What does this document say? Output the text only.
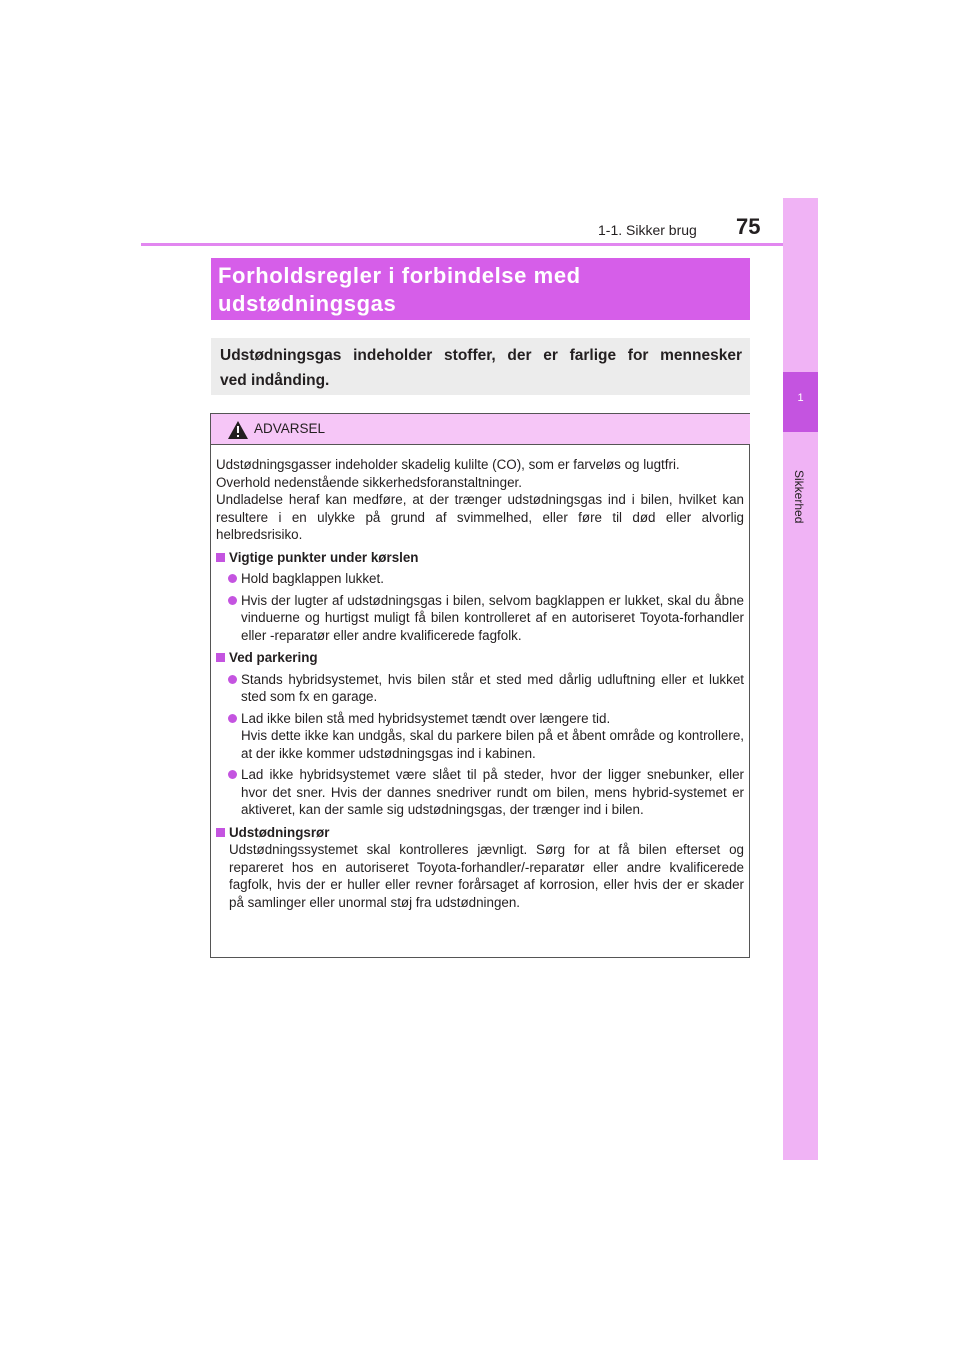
1-1. Sikker brug 75
1
Sikkerhed
Forholdsregler i forbindelse med
udstødningsgas
Udstødningsgas indeholder stoffer, der er farlige for mennesker
ved indånding.
ADVARSEL

Udstødningsgasser indeholder skadelig kulilte (CO), som er farveløs og lugtfri.

Overhold nedenstående sikkerhedsforanstaltninger.

Undladelse heraf kan medføre, at der trænger udstødningsgas ind i bilen, hvilket kan resultere i en ulykke på grund af svimmelhed, eller føre til død eller alvorlig helbredsrisiko.

Vigtige punkter under kørslen

Hold bagklappen lukket.

Hvis der lugter af udstødningsgas i bilen, selvom bagklappen er lukket, skal du åbne vinduerne og hurtigst muligt få bilen kontrolleret af en autoriseret Toyota-forhandler eller -reparatør eller andre kvalificerede fagfolk.

Ved parkering

Stands hybridsystemet, hvis bilen står et sted med dårlig udluftning eller et lukket sted som fx en garage.

Lad ikke bilen stå med hybridsystemet tændt over længere tid.
Hvis dette ikke kan undgås, skal du parkere bilen på et åbent område og kontrollere, at der ikke kommer udstødningsgas ind i kabinen.

Lad ikke hybridsystemet være slået til på steder, hvor der ligger snebunker, eller hvor det sner. Hvis der dannes snedriver rundt om bilen, mens hybrid-systemet er aktiveret, kan der samle sig udstødningsgas, der trænger ind i bilen.

Udstødningsrør

Udstødningssystemet skal kontrolleres jævnligt. Sørg for at få bilen efterset og repareret hos en autoriseret Toyota-forhandler/-reparatør eller andre kvalificerede fagfolk, hvis der er huller eller revner forårsaget af korrosion, eller hvis der er skader på samlinger eller unormal støj fra udstødningen.
